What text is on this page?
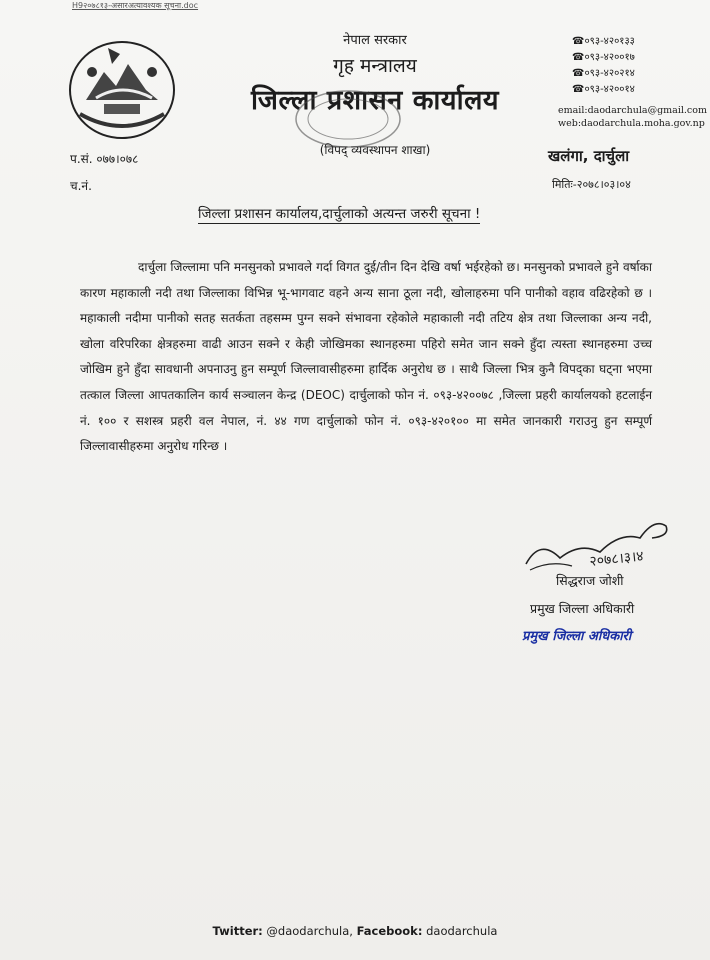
H9२०७८१३-असारअत्यावश्यक सूचना.doc
नेपाल सरकार
गृह मन्त्रालय
जिल्ला प्रशासन कार्यालय
(विपद् व्यवस्थापन शाखा)
☎०९३-४२०१३३
☎०९३-४२००१७
☎०९३-४२०२१४
☎०९३-४२००१४
email:daodarchula@gmail.com
web:daodarchula.moha.gov.np
प.सं. ०७७।०७८
च.नं.
खलंगा, दार्चुला
मितिः-२०७८।०३।०४
जिल्ला प्रशासन कार्यालय,दार्चुलाको अत्यन्त जरुरी सूचना !

दार्चुला जिल्लामा पनि मनसुनको प्रभावले गर्दा विगत दुई/तीन दिन देखि वर्षा भईरहेको छ। मनसुनको प्रभावले हुने वर्षाका कारण महाकाली नदी तथा जिल्लाका विभिन्न भू-भागवाट वहने अन्य साना ठूला नदी, खोलाहरुमा पनि पानीको वहाव वढिरहेको छ । महाकाली नदीमा पानीको सतह सतर्कता तहसम्म पुग्न सक्ने संभावना रहेकोले महाकाली नदी तटिय क्षेत्र तथा जिल्लाका अन्य नदी, खोला वरिपरिका क्षेत्रहरुमा वाढी आउन सक्ने र केही जोखिमका स्थानहरुमा पहिरो समेत जान सक्ने हुँदा त्यस्ता स्थानहरुमा उच्च जोखिम हुने हुँदा सावधानी अपनाउनु हुन सम्पूर्ण जिल्लावासीहरुमा हार्दिक अनुरोध छ । साथै जिल्ला भित्र कुनै विपद्का घट्ना भएमा तत्काल जिल्ला आपतकालिन कार्य सञ्चालन केन्द्र (DEOC) दार्चुलाको फोन नं. ०९३-४२००७८ ,जिल्ला प्रहरी कार्यालयको हटलाईन नं. १०० र सशस्त्र प्रहरी वल नेपाल, नं. ४४ गण दार्चुलाको फोन नं. ०९३-४२०१०० मा समेत जानकारी गराउनु हुन सम्पूर्ण जिल्लावासीहरुमा अनुरोध गरिन्छ ।

२०७८।३।४
सिद्धराज जोशी
प्रमुख जिल्ला अधिकारी
प्रमुख जिल्ला अधिकारी
Twitter: @daodarchula, Facebook: daodarchula
